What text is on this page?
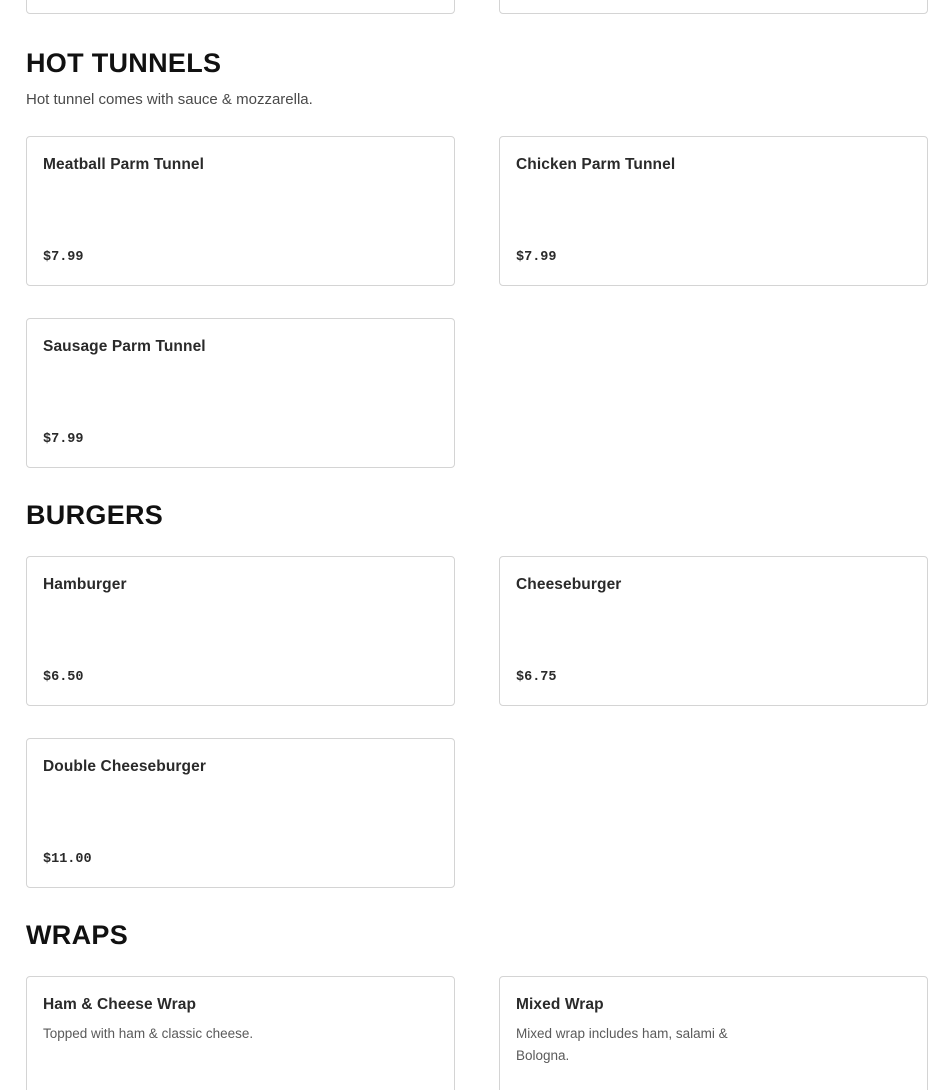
HOT TUNNELS

Hot tunnel comes with sauce & mozzarella.

Meatball Parm Tunnel
$7.99
Chicken Parm Tunnel
$7.99
Sausage Parm Tunnel
$7.99
BURGERS
Hamburger
$6.50
Cheeseburger
$6.75
Double Cheeseburger
$11.00
WRAPS
Ham & Cheese Wrap
Topped with ham & classic cheese.
Mixed Wrap
Mixed wrap includes ham, salami & Bologna.
